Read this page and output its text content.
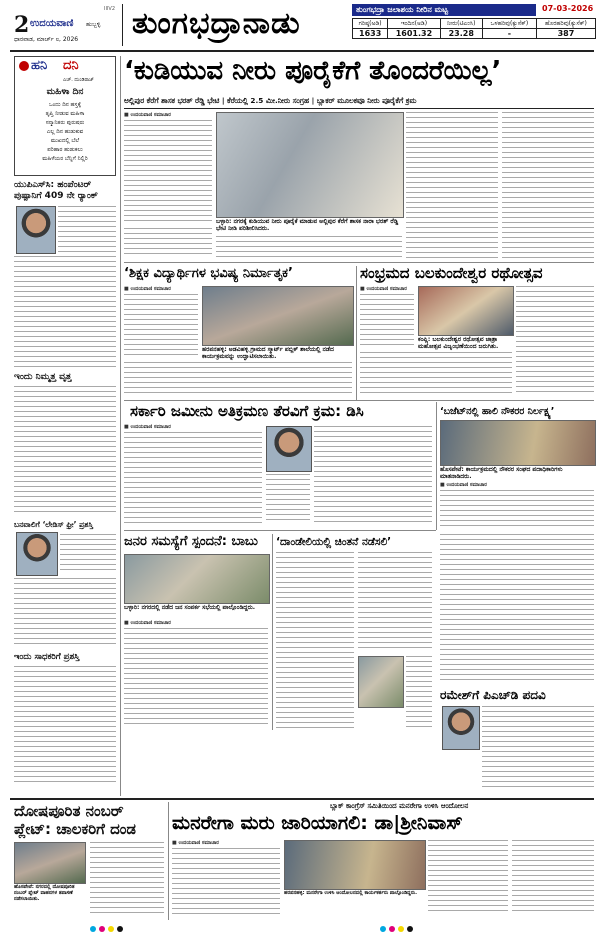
2 ಉದಯವಾಣಿ ಹುಬ್ಬಳ್ಳಿ
ಧಾರವಾಡ, ಮಾರ್ಚ್ ೮, 2026
IIIV2 ತುಂಗಭದ್ರಾನಾಡು	ತುಂಗಭದ್ರಾ ಜಲಾಶಯ ನೀರಿನ ಮಟ್ಟ	07-03-2026
ಗರಿಷ್ಠ(ಅಡಿ)	ಇಂದಿನ(ಅಡಿ)	ನೀರು(ಟಿಎಂಸಿ)	ಒಳಹರಿವು(ಕ್ಯುಸೆಕ್)	ಹೊರಹರಿವು(ಕ್ಯುಸೆಕ್)
1633	1601.32	23.28	-	387
ಹನಿ ದನಿ
ಎಚ್. ದುಂಡಿರಾಜ್
ಮಹಿಳಾ ದಿನ
ಒಂದು ದಿನ ಹಸ್ತಕ್ಕೆ
ತೃಪ್ತಿ ನೀಡುವ ಮಹಿಳಾ
ಸನ್ಮಾನಿತರು ಪುರುಷರು
ಎಲ್ಲ ದಿನ ಹುಡುಕುವ
ಮುಖದಲ್ಲಿ ಬೆಲೆ
ಪರಿಹಾರ ಹುಡುಕಲು
ಮಹಿಳೆಯರ ಬೆನ್ನಿಗೆ ನಿಲ್ಲಿರಿ
ಯುಪಿಎಸ್‌ಸಿ: ಹಂಪೆಂಟರ್ ಪುಷ್ಪಾನಿಗೆ 409 ನೇ ರ್‍ಯಾಂಕ್
ಇಂದು ನಿಮ್ಮತ್ತ ವೃತ್ತ
ಬನವಾಲಿಗೆ ‘ಲೇಡಿಸ್ ಫ್ರೀ’ ಪ್ರಶಸ್ತಿ
ಇಂದು ಸಾಧಕರಿಗೆ ಪ್ರಶಸ್ತಿ
‘ಕುಡಿಯುವ ನೀರು ಪೂರೈಕೆಗೆ ತೊಂದರೆಯಿಲ್ಲ’
ಅಲ್ಲಿಪುರ ಕೆರೆಗೆ ಶಾಸಕ ಭರತ್ ರೆಡ್ಡಿ ಭೇಟಿ | ಕೆರೆಯಲ್ಲಿ 2.5 ಮೀ.ನೀರು ಸಂಗ್ರಹ | ಬ್ಲಾಕರ್ ಮೂಲಕವೂ ನೀರು ಪೂರೈಕೆಗೆ ಕ್ರಮ
■ ಉದಯವಾಣಿ ಸಮಾಚಾರ
ಬಳ್ಳಾರಿ: ನಗರಕ್ಕೆ ಕುಡಿಯುವ ನೀರು ಪೂರೈಕೆ ಮಾಡುವ ಅಲ್ಲಿಪುರ ಕೆರೆಗೆ ಶಾಸಕ ನಾರಾ ಭರತ್ ರೆಡ್ಡಿ ಭೇಟಿ ನೀಡಿ ಪರಿಶೀಲಿಸಿದರು.
‘ಶಿಕ್ಷಕ ವಿದ್ಯಾರ್ಥಿಗಳ ಭವಿಷ್ಯ ನಿರ್ಮಾತೃಕ’
■ ಉದಯವಾಣಿ ಸಮಾಚಾರ
ಹರಪನಹಳ್ಳಿ: ಅಡವಿಹಳ್ಳಿ ಗ್ರಾಮದ ಸ್ಮಾರ್ಟ್‌ ಪಬ್ಲಿಕ್ ಶಾಲೆಯಲ್ಲಿ ನಡೆದ ಕಾರ್ಯಕ್ರಮವನ್ನು ಉದ್ಘಾಟಿಸಲಾಯಿತು.
ಸಂಭ್ರಮದ ಬಲಕುಂದೇಶ್ವರ ರಥೋತ್ಸವ
■ ಉದಯವಾಣಿ ಸಮಾಚಾರ
ಕಂಪ್ಲಿ: ಬಲಕುಂದೇಶ್ವರ ರಥೋತ್ಸವ ಜಾತ್ರಾ ಮಹೋತ್ಸವ ವಿಜೃಂಭಣೆಯಿಂದ ಜರುಗಿತು.
ಸರ್ಕಾರಿ ಜಮೀನು ಅತಿಕ್ರಮಣ ತೆರವಿಗೆ ಕ್ರಮ: ಡಿಸಿ
■ ಉದಯವಾಣಿ ಸಮಾಚಾರ
‘ಬಜೆಟ್‌ನಲ್ಲಿ ಹಾಲಿ ನೌಕರರ ನಿರ್ಲಕ್ಷ್ಯ’
ಹೊಸಪೇಟೆ: ಕಾರ್ಯಕ್ರಮದಲ್ಲಿ ನೌಕರರ ಸಂಘದ ಪದಾಧಿಕಾರಿಗಳು ಮಾತನಾಡಿದರು.
■ ಉದಯವಾಣಿ ಸಮಾಚಾರ
ಜನರ ಸಮಸ್ಯೆಗೆ ಸ್ಪಂದನೆ: ಬಾಬು
ಬಳ್ಳಾರಿ: ನಗರದಲ್ಲಿ ನಡೆದ ಜನ ಸಂಪರ್ಕ ಸಭೆಯಲ್ಲಿ ಪಾಲ್ಗೊಂಡಿದ್ದರು.
■ ಉದಯವಾಣಿ ಸಮಾಚಾರ
‘ದಾಂಡೇಲಿಯಲ್ಲಿ ಚಿಂತನೆ ನಡೆಸಲಿ’
ರಮೇಶ್‌ಗೆ ಪಿಎಚ್‌ಡಿ ಪದವಿ
ದೋಷಪೂರಿತ ನಂಬರ್ ಪ್ಲೇಟ್: ಚಾಲಕರಿಗೆ ದಂಡ
ಹೊಸಪೇಟೆ: ನಗರದಲ್ಲಿ ದೋಷಪೂರಿತ ನಂಬರ್ ಪ್ಲೇಟ್ ವಾಹನಗಳ ತಪಾಸಣೆ ನಡೆಸಲಾಯಿತು.
ಬ್ಲಾಕ್ ಕಾಂಗ್ರೆಸ್ ಸಮಿತಿಯಿಂದ ಮನರೇಗಾ ಉಳಿಸಿ ಆಂದೋಲನ
ಮನರೇಗಾ ಮರು ಜಾರಿಯಾಗಲಿ: ಡಾ|ಶ್ರೀನಿವಾಸ್
■ ಉದಯವಾಣಿ ಸಮಾಚಾರ
ಹರಪನಹಳ್ಳಿ: ಮನರೇಗಾ ಉಳಿಸಿ ಆಂದೋಲನದಲ್ಲಿ ಕಾರ್ಯಕರ್ತರು ಪಾಲ್ಗೊಂಡಿದ್ದರು.
